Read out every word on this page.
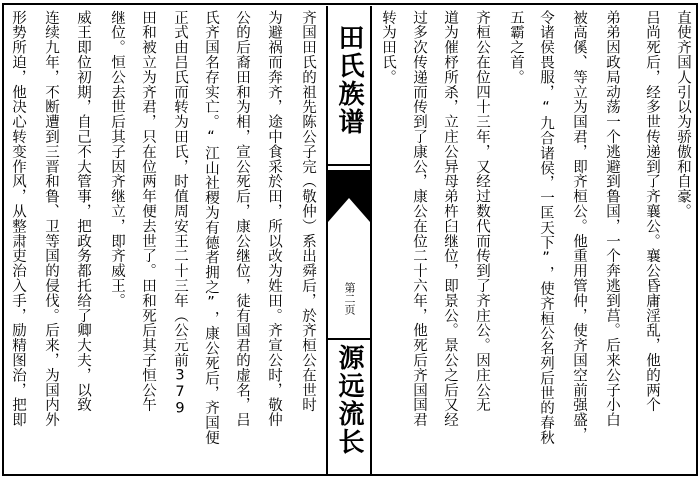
直使齐国人引以为骄傲和自豪。
吕尚死后，经多世传递到了齐襄公。襄公昏庸淫乱，他的两个
弟弟因政局动荡一个逃避到鲁国，一个奔逃到莒。后来公子小白
被高傒、等立为国君，即齐桓公。他重用管仲，使齐国空前强盛，
令诸侯畏服，“九合诸侯，一匡天下”，使齐桓公名列后世的春秋
五霸之首。
齐桓公在位四十三年，又经过数代而传到了齐庄公。因庄公无
道为催杼所杀，立庄公异母弟杵臼继位，即景公。景公之后又经
过多次传递而传到了康公，康公在位二十六年，他死后齐国国君
转为田氏。
田氏族谱
第二页
源远流长
齐国田氏的祖先陈公子完（敬仲）系出舜后，於齐桓公在世时
为避祸而奔齐，途中食采於田，所以改为姓田。齐宣公时，敬仲
公的后裔田和为相，宣公死后，康公继位，徒有国君的虚名，吕
氏齐国名存实亡。“江山社稷为有德者拥之”，康公死后，齐国便
正式由吕氏而转为田氏，时值周安王二十三年（公元前379
田和被立为齐君，只在位两年便去世了。田和死后其子恒公午
继位。恒公去世后其子因齐继立，即齐威王。
威王即位初期，自己不大管事，把政务都托给了卿大夫，以致
连续九年，不断遭到三晋和鲁、卫等国的侵伐。后来，为国内外
形势所迫，他决心转变作风，从整肃吏治入手，励精图治，把即
